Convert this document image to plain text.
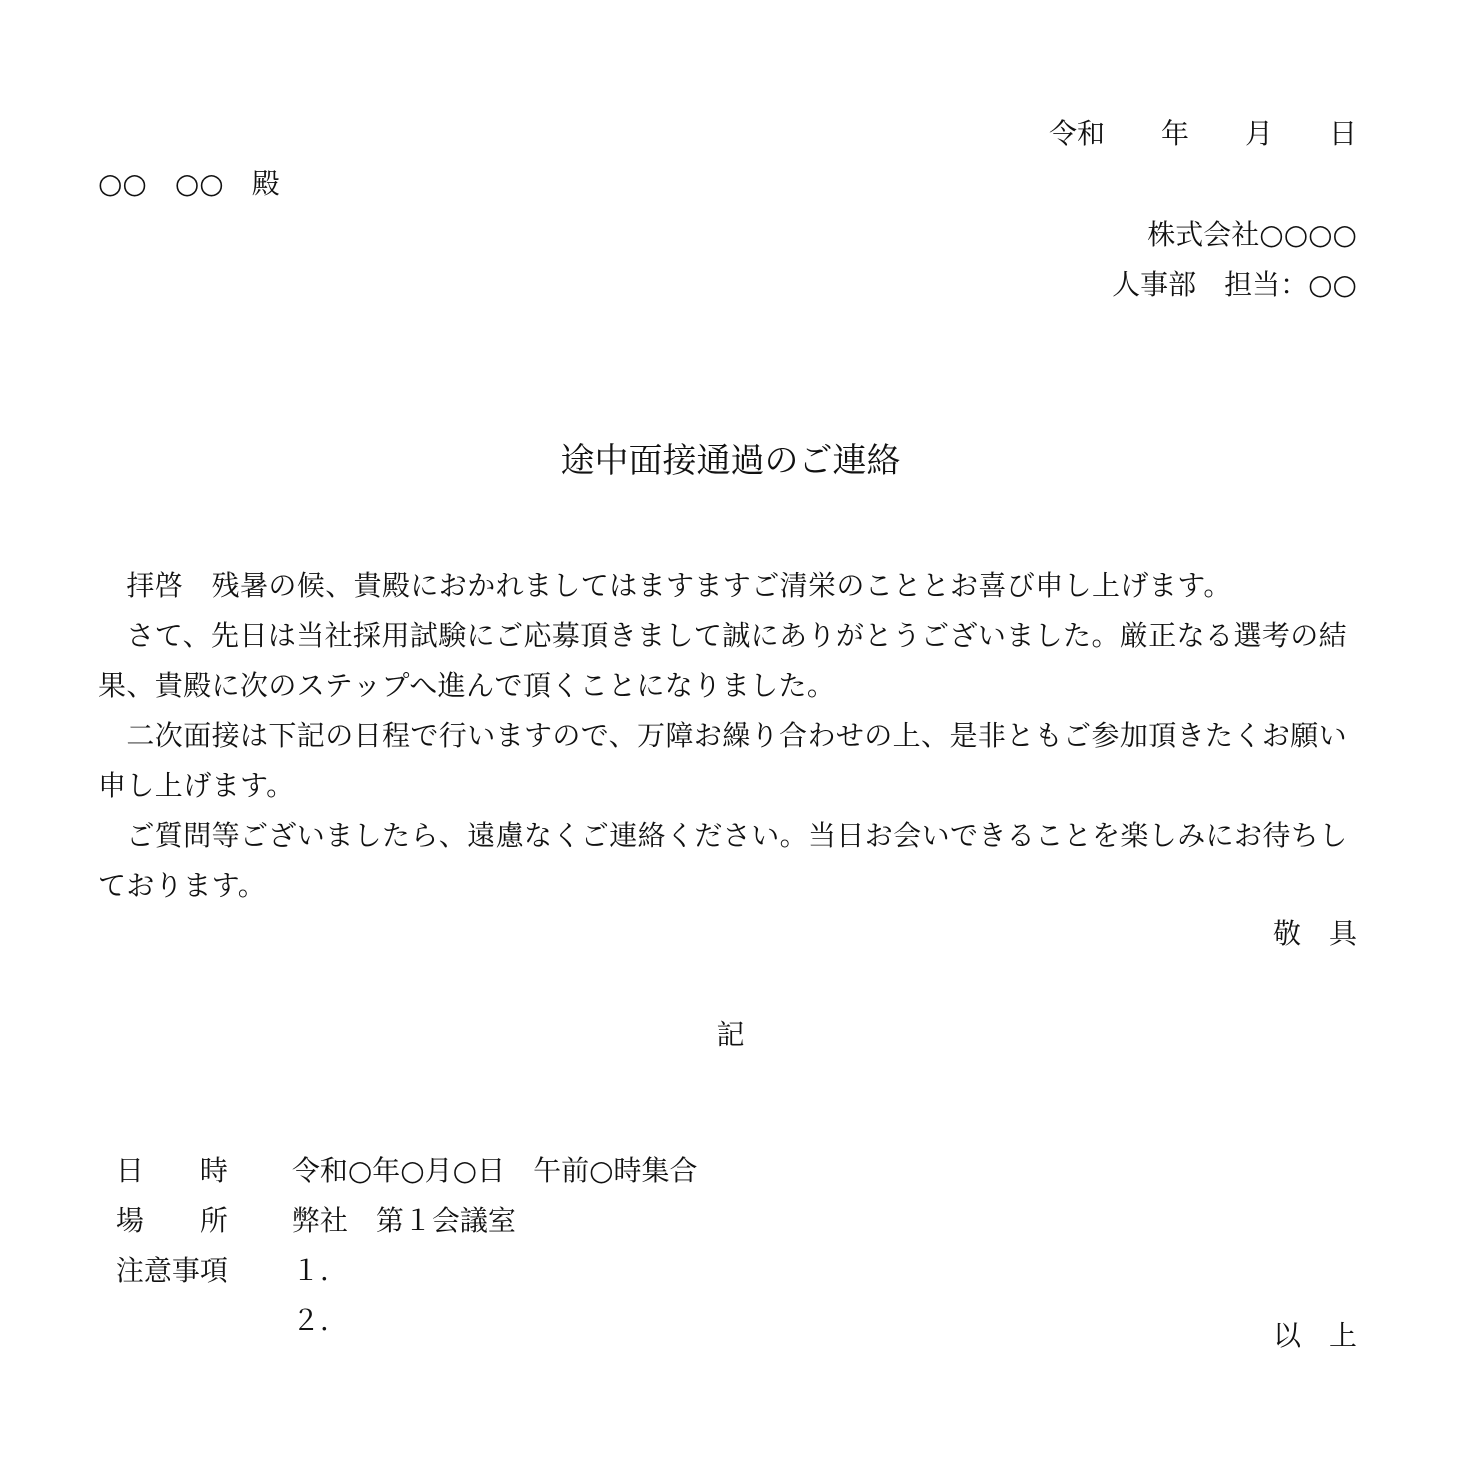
令和　　年　　月　　日
○○　○○　殿
株式会社○○○○
人事部　担当：○○
途中面接通過のご連絡

　拝啓　残暑の候、貴殿におかれましてはますますご清栄のこととお喜び申し上げます。

　さて、先日は当社採用試験にご応募頂きまして誠にありがとうございました。厳正なる選考の結果、貴殿に次のステップへ進んで頂くことになりました。

　二次面接は下記の日程で行いますので、万障お繰り合わせの上、是非ともご参加頂きたくお願い申し上げます。

　ご質問等ございましたら、遠慮なくご連絡ください。当日お会いできることを楽しみにお待ちしております。

敬　具
記

日　　時 令和○年○月○日　午前○時集合

場　　所 弊社　第１会議室

注意事項 １.

２.	以　上
